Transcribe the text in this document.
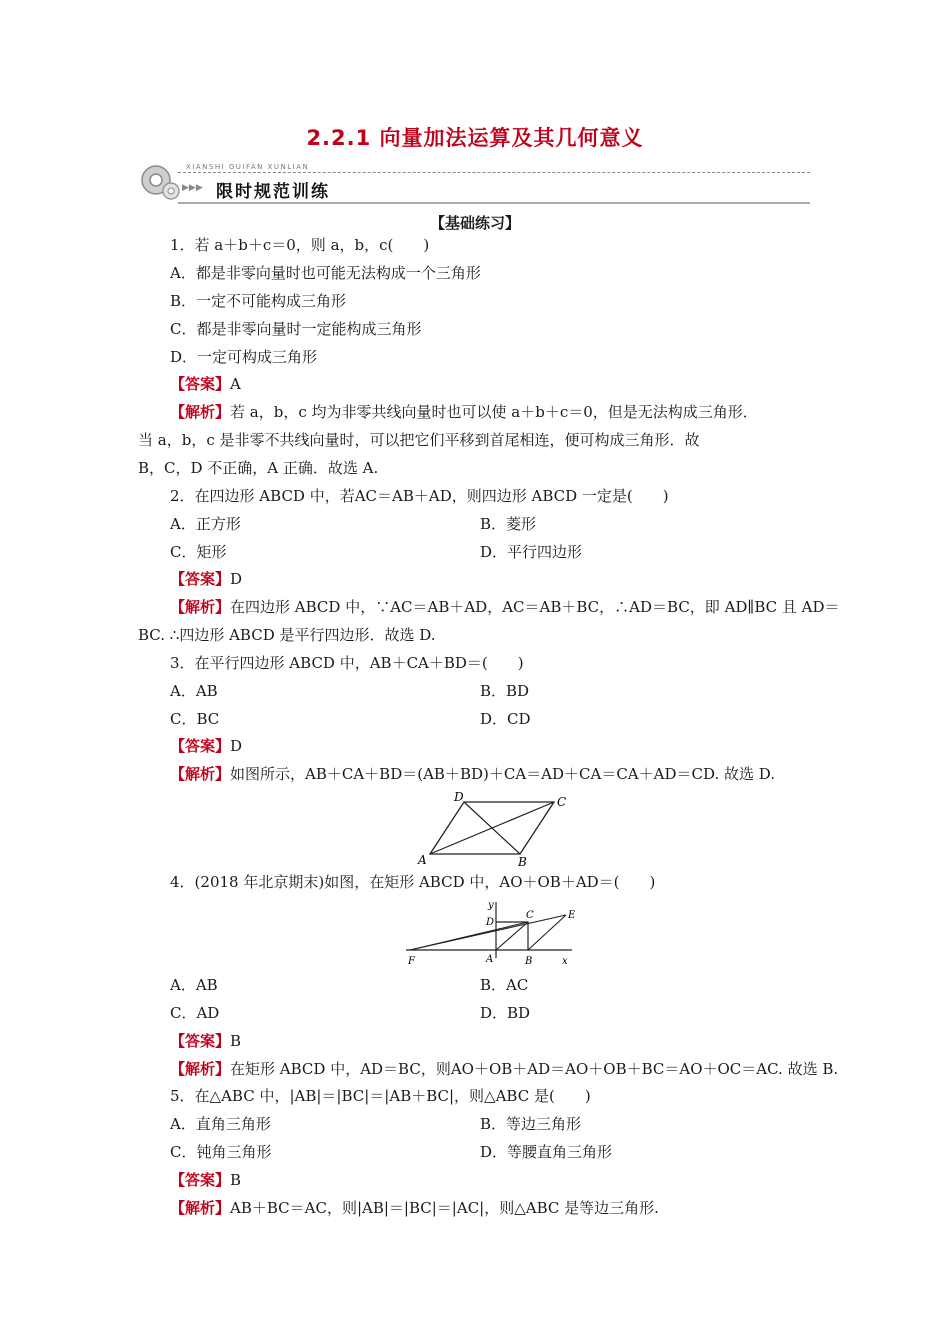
2.2.1 向量加法运算及其几何意义
XIANSHI GUIFAN XUNLIAN
▶▶▶ 限时规范训练
【基础练习】
1．若 a＋b＋c＝0，则 a，b，c(　　)
A．都是非零向量时也可能无法构成一个三角形
B．一定不可能构成三角形
C．都是非零向量时一定能构成三角形
D．一定可构成三角形
【答案】A
【解析】若 a，b，c 均为非零共线向量时也可以使 a＋b＋c＝0，但是无法构成三角形．
当 a，b，c 是非零不共线向量时，可以把它们平移到首尾相连，便可构成三角形．故
B，C，D 不正确，A 正确．故选 A.
2．在四边形 ABCD 中，若AC＝AB＋AD，则四边形 ABCD 一定是(　　)
A．正方形	B．菱形
C．矩形	D．平行四边形
【答案】D
【解析】在四边形 ABCD 中，∵AC＝AB＋AD，AC＝AB＋BC，∴AD＝BC，即 AD∥BC 且 AD＝
BC. ∴四边形 ABCD 是平行四边形．故选 D.
3．在平行四边形 ABCD 中，AB＋CA＋BD＝(　　)
A．AB	B．BD
C．BC	D．CD
【答案】D
【解析】如图所示，AB＋CA＋BD＝(AB＋BD)＋CA＝AD＋CA＝CA＋AD＝CD. 故选 D.
D	C
A	B
4．(2018 年北京期末)如图，在矩形 ABCD 中，AO＋OB＋AD＝(　　)
y
D
C	E
F	A	B	x
A．AB	B．AC
C．AD	D．BD
【答案】B
【解析】在矩形 ABCD 中，AD＝BC，则AO＋OB＋AD＝AO＋OB＋BC＝AO＋OC＝AC. 故选 B.
5．在△ABC 中，|AB|＝|BC|＝|AB＋BC|，则△ABC 是(　　)
A．直角三角形	B．等边三角形
C．钝角三角形	D．等腰直角三角形
【答案】B
【解析】AB＋BC＝AC，则|AB|＝|BC|＝|AC|，则△ABC 是等边三角形.
